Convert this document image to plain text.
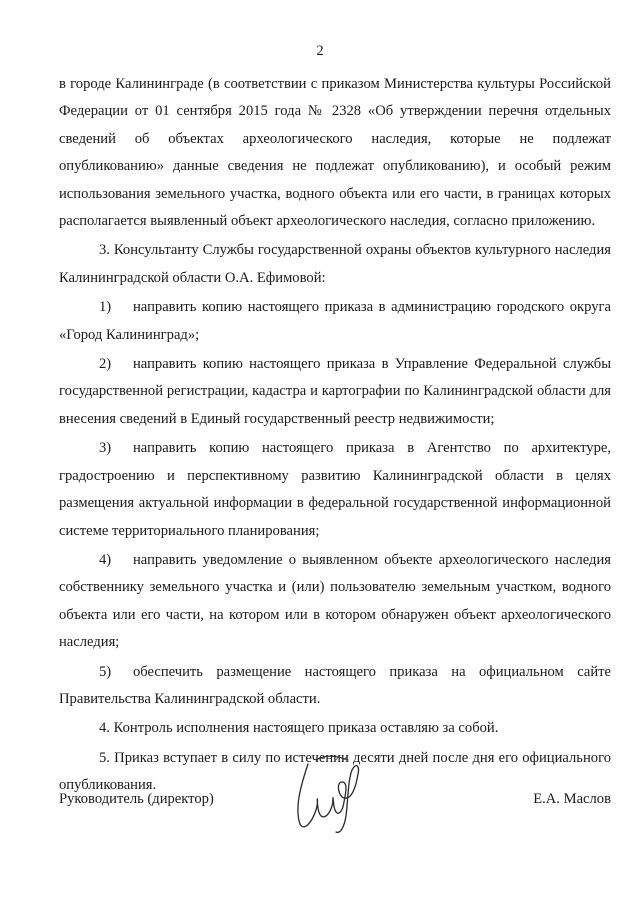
2

в городе Калининграде (в соответствии с приказом Министерства культуры Российской Федерации от 01 сентября 2015 года № 2328 «Об утверждении перечня отдельных сведений об объектах археологического наследия, которые не подлежат опубликованию» данные сведения не подлежат опубликованию), и особый режим использования земельного участка, водного объекта или его части, в границах которых располагается выявленный объект археологического наследия, согласно приложению.

3. Консультанту Службы государственной охраны объектов культурного наследия Калининградской области О.А. Ефимовой:

1) направить копию настоящего приказа в администрацию городского округа «Город Калининград»;

2) направить копию настоящего приказа в Управление Федеральной службы государственной регистрации, кадастра и картографии по Калининградской области для внесения сведений в Единый государственный реестр недвижимости;

3) направить копию настоящего приказа в Агентство по архитектуре, градостроению и перспективному развитию Калининградской области в целях размещения актуальной информации в федеральной государственной информационной системе территориального планирования;

4) направить уведомление о выявленном объекте археологического наследия собственнику земельного участка и (или) пользователю земельным участком, водного объекта или его части, на котором или в котором обнаружен объект археологического наследия;

5) обеспечить размещение настоящего приказа на официальном сайте Правительства Калининградской области.

4. Контроль исполнения настоящего приказа оставляю за собой.

5. Приказ вступает в силу по истечении десяти дней после дня его официального опубликования.

Руководитель (директор)	Е.А. Маслов
